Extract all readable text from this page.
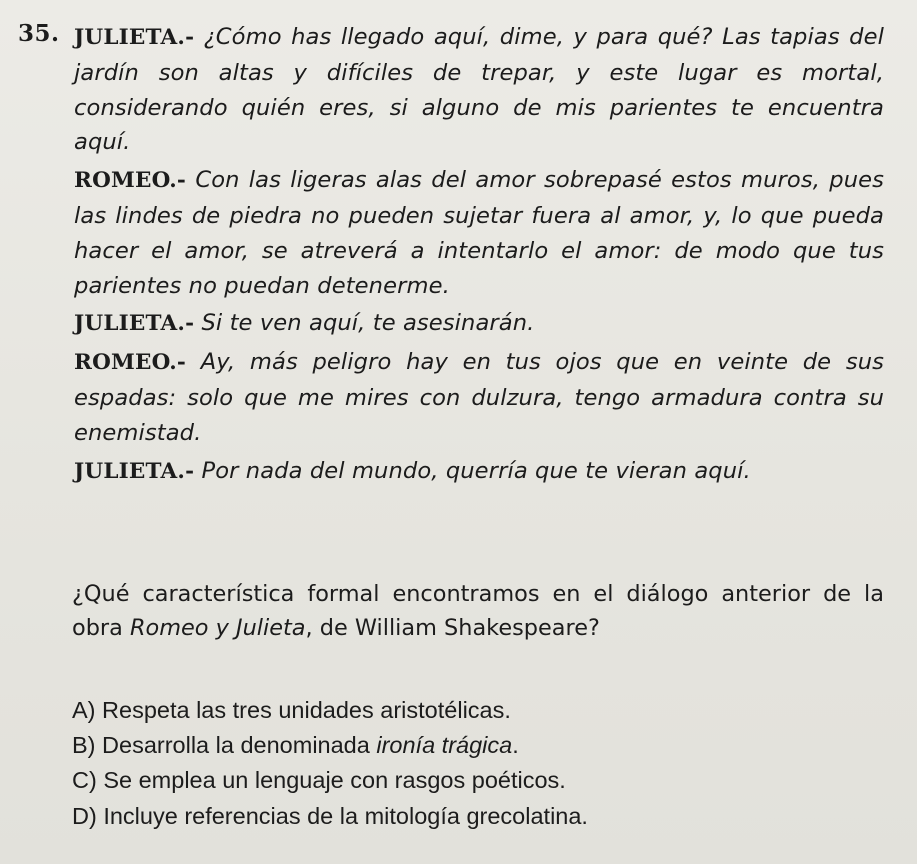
35. JULIETA.- ¿Cómo has llegado aquí, dime, y para qué? Las tapias del jardín son altas y difíciles de trepar, y este lugar es mortal, considerando quién eres, si alguno de mis parientes te encuentra aquí.

ROMEO.- Con las ligeras alas del amor sobrepasé estos muros, pues las lindes de piedra no pueden sujetar fuera al amor, y, lo que pueda hacer el amor, se atreverá a intentarlo el amor: de modo que tus parientes no puedan detenerme.

JULIETA.- Si te ven aquí, te asesinarán.

ROMEO.- Ay, más peligro hay en tus ojos que en veinte de sus espadas: solo que me mires con dulzura, tengo armadura contra su enemistad.

JULIETA.- Por nada del mundo, querría que te vieran aquí.

¿Qué característica formal encontramos en el diálogo anterior de la obra Romeo y Julieta, de William Shakespeare?

A) Respeta las tres unidades aristotélicas.
B) Desarrolla la denominada ironía trágica.
C) Se emplea un lenguaje con rasgos poéticos.
D) Incluye referencias de la mitología grecolatina.
